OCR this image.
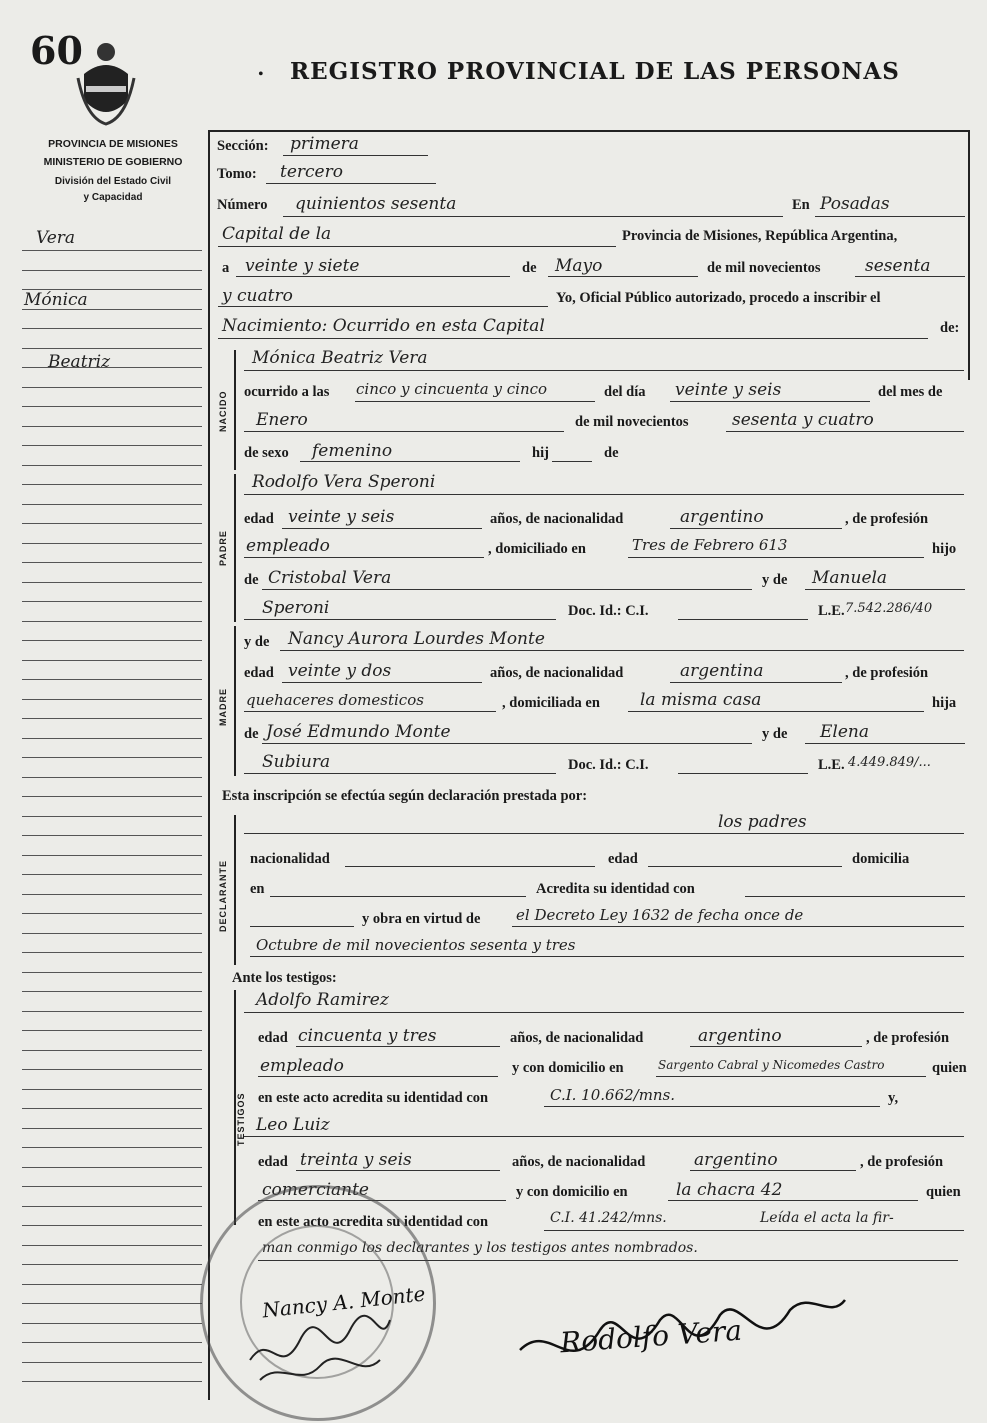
60
• REGISTRO PROVINCIAL DE LAS PERSONAS
PROVINCIA DE MISIONES
MINISTERIO DE GOBIERNO
División del Estado Civil
y Capacidad
Vera
Mónica
Beatriz
Sección: primera
Tomo: tercero
Número quinientos sesenta	En Posadas
Capital de la	Provincia de Misiones, República Argentina,
a veinte y siete	de Mayo	de mil novecientos	sesenta
y cuatro	Yo, Oficial Público autorizado, procedo a inscribir el
Nacimiento: Ocurrido en esta Capital	de:
NACIDO
Mónica Beatriz Vera
ocurrido a las cinco y cincuenta y cinco	del día veinte y seis	del mes de
Enero	de mil novecientos	sesenta y cuatro
de sexo femenino	hij	de
PADRE
Rodolfo Vera Speroni
edad veinte y seis	años, de nacionalidad	argentino	, de profesión
empleado	, domiciliado en	Tres de Febrero 613	hijo
de Cristobal Vera	y de Manuela
Speroni	Doc. Id.: C.I.	L.E. 7.542.286/40
MADRE
y de Nancy Aurora Lourdes Monte
edad veinte y dos	años, de nacionalidad	argentina	, de profesión
quehaceres domesticos	, domiciliada en la misma casa	hija
de José Edmundo Monte	y de Elena
Subiura	Doc. Id.: C.I.	L.E. 4.449.849/...
Esta inscripción se efectúa según declaración prestada por:
DECLARANTE
los padres
nacionalidad	edad	domicilia
en	Acredita su identidad con
y obra en virtud de el Decreto Ley 1632 de fecha once de
Octubre de mil novecientos sesenta y tres
Ante los testigos:
TESTIGOS
Adolfo Ramirez
edad cincuenta y tres	años, de nacionalidad	argentino	, de profesión
empleado	y con domicilio en	Sargento Cabral y Nicomedes Castro	quien
en este acto acredita su identidad con	C.I. 10.662/mns.	y,
Leo Luiz
edad treinta y seis	años, de nacionalidad	argentino	, de profesión
comerciante	y con domicilio en	la chacra 42	quien
en este acto acredita su identidad con	C.I. 41.242/mns.	Leída el acta la fir-
man conmigo los declarantes y los testigos antes nombrados.
Nancy A. Monte
Rodolfo Vera
